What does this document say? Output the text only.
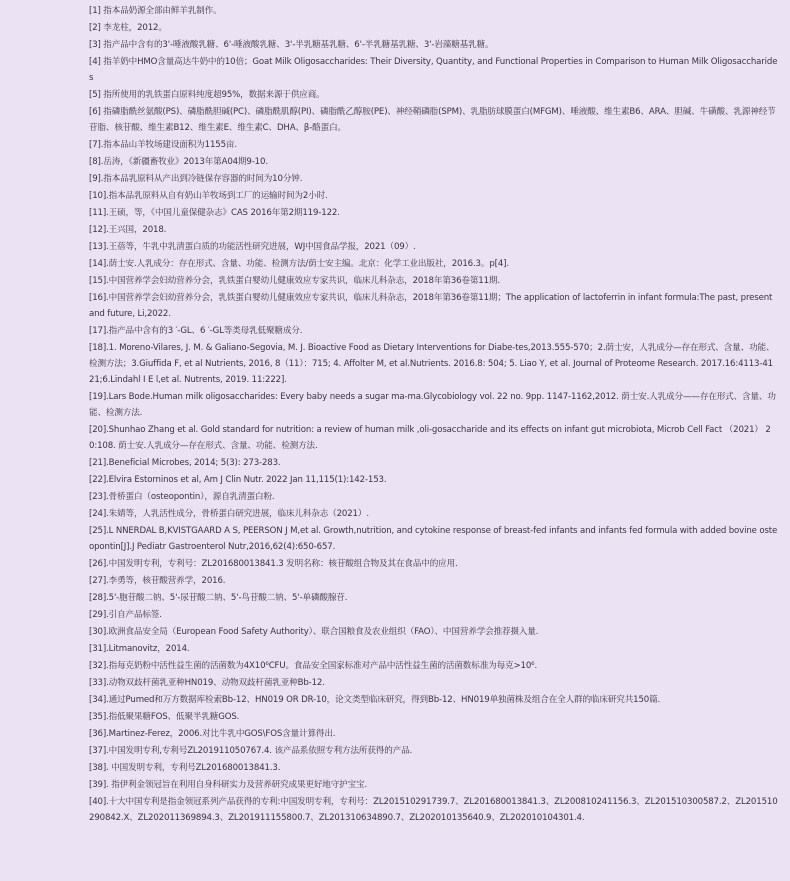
[1] 指本品奶源全部由鲜羊乳制作。
[2] 李龙柱，2012。
[3] 指产品中含有的3'-唾液酸乳糖、6'-唾液酸乳糖、3'-半乳糖基乳糖、6'-半乳糖基乳糖、3'-岩藻糖基乳糖。
[4] 指羊奶中HMO含量高达牛奶中的10倍；Goat Milk Oligosaccharides: Their Diversity, Quantity, and Functional Properties in Comparison to Human Milk Oligosaccharides
[5] 指所使用的乳铁蛋白原料纯度超95%，数据来源于供应商。
[6] 指磷脂酰丝氨酸(PS)、磷脂酰胆碱(PC)、磷脂酰肌醇(PI)、磷脂酰乙醇胺(PE)、神经鞘磷脂(SPM)、乳脂肪球膜蛋白(MFGM)、唾液酸、维生素B6、ARA、胆碱、牛磺酸、乳源神经节苷脂、核苷酸、维生素B12、维生素E、维生素C、DHA、β-酪蛋白。
[7].指本品山羊牧场建设面积为1155亩.
[8].岳涛，《新疆畜牧业》2013年第A04期9-10.
[9].指本品乳原料从产出到冷链保存容器的时间为10分钟.
[10].指本品乳原料从自有奶山羊牧场到工厂的运输时间为2小时.
[11].王硕，等，《中国儿童保健杂志》CAS 2016年第2期119-122.
[12].王兴国，2018.
[13].王蓓等，牛乳中乳清蛋白质的功能活性研究进展，WJ中国食品学报，2021（09）.
[14].荫士安.人乳成分：存在形式、含量、功能、检测方法/荫士安主编。北京：化学工业出版社，2016.3。p[4].
[15].中国营养学会妇幼营养分会，乳铁蛋白婴幼儿健康效应专家共识，临床儿科杂志，2018年第36卷第11期.
[16].中国营养学会妇幼营养分会，乳铁蛋白婴幼儿健康效应专家共识，临床儿科杂志，2018年第36卷第11期；The application of lactoferrin in infant formula:The past, present and future, Li,2022.
[17].指产品中含有的3 ′-GL、6 ′-GL等类母乳低聚糖成分.
[18].1. Moreno-Vilares, J. M. & Galiano-Segovia, M. J. Bioactive Food as Dietary Interventions for Diabe-tes,2013.555-570；2.荫士安，人乳成分—存在形式、含量、功能、检测方法；3.Giuffida F, et al Nutrients, 2016, 8（11）：715; 4. Affolter M, et al.Nutrients. 2016.8: 504; 5. Liao Y, et al. Journal of Proteome Research. 2017.16:4113-4121;6.Lindahl I E l,et al. Nutrents, 2019. 11:222].
[19].Lars Bode.Human milk oligosaccharides: Every baby needs a sugar ma-ma.Glycobiology vol. 22 no. 9pp. 1147-1162,2012. 荫士安.人乳成分——存在形式、含量、功能、检测方法.
[20].Shunhao Zhang et al. Gold standard for nutrition: a review of human milk ,oli-gosaccharide and its effects on infant gut microbiota, Microb Cell Fact （2021） 20:108. 荫士安.人乳成分—存在形式、含量、功能、检测方法.
[21].Beneficial Microbes, 2014; 5(3): 273-283.
[22].Elvira Estorninos et al, Am J Clin Nutr. 2022 Jan 11,115(1):142-153.
[23].骨桥蛋白（osteopontin），源自乳清蛋白粉.
[24].朱婧等，人乳活性成分，骨桥蛋白研究进展，临床儿科杂志（2021）.
[25].L NNERDAL B,KVISTGAARD A S, PEERSON J M,et al. Growth,nutrition, and cytokine response of breast-fed infants and infants fed formula with added bovine osteopontin[J].J Pediatr Gastroenterol Nutr,2016,62(4):650-657.
[26].中国发明专利，专利号：ZL201680013841.3 发明名称：核苷酸组合物及其在食品中的应用.
[27].李勇等，核苷酸营养学，2016.
[28].5'-胞苷酸二钠、5'-尿苷酸二钠、5'-鸟苷酸二钠、5'-单磷酸腺苷.
[29].引自产品标签.
[30].欧洲食品安全局（European Food Safety Authority）、联合国粮食及农业组织（FAO）、中国营养学会推荐摄入量.
[31].Litmanovitz，2014.
[32].指每克奶粉中活性益生菌的活菌数为4X10⁶CFU。食品安全国家标准对产品中活性益生菌的活菌数标准为每克>10⁶.
[33].动物双歧杆菌乳亚种HN019、动物双歧杆菌乳亚种Bb-12.
[34].通过Pumed和万方数据库检索Bb-12、HN019 OR DR-10，论文类型临床研究，得到Bb-12、HN019单独菌株及组合在全人群的临床研究共150篇.
[35].指低聚果糖FOS、低聚半乳糖GOS.
[36].Martinez-Ferez，2006.对比牛乳中GOS\FOS含量计算得出.
[37].中国发明专利,专利号ZL201911050767.4. 该产品系依照专利方法所获得的产品.
[38]. 中国发明专利，专利号ZL201680013841.3.
[39]. 指伊利金领冠旨在利用自身科研实力及营养研究成果更好地守护宝宝.
[40].十大中国专利是指金领冠系列产品获得的专利:中国发明专利，专利号：ZL201510291739.7、ZL201680013841.3、ZL200810241156.3、ZL201510300587.2、ZL201510290842.X、ZL202011369894.3、ZL201911155800.7、ZL201310634890.7、ZL202010135640.9、ZL202010104301.4.
